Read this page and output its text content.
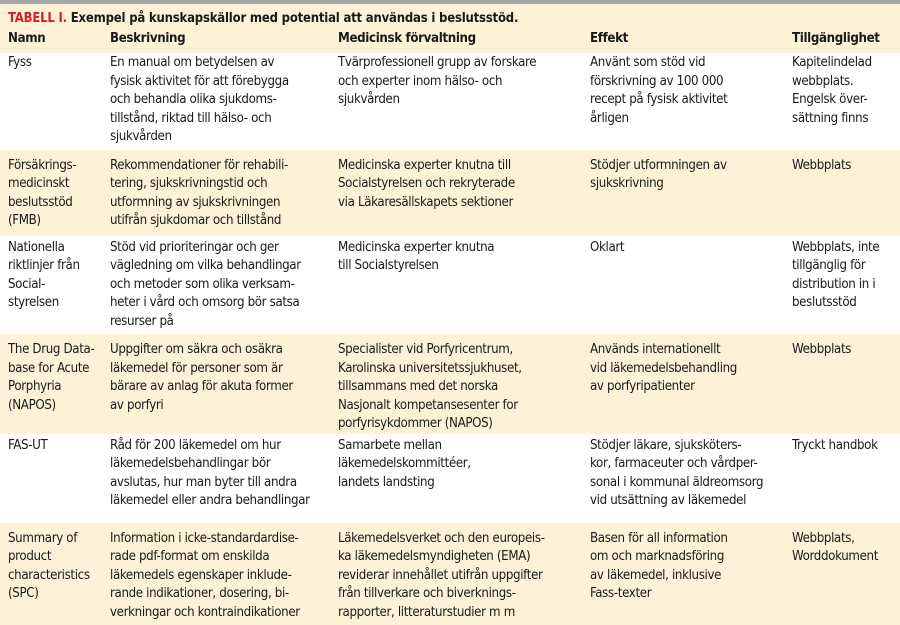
TABELL I. Exempel på kunskapskällor med potential att användas i beslutsstöd.
Namn	Beskrivning	Medicinsk förvaltning	Effekt	Tillgänglighet

Fyss	En manual om betydelsen av
fysisk aktivitet för att förebygga
och behandla olika sjukdoms-
tillstånd, riktad till hälso- och
sjukvården	Tvärprofessionell grupp av forskare
och experter inom hälso- och
sjukvården	Använt som stöd vid
förskrivning av 100 000
recept på fysisk aktivitet
årligen	Kapitelindelad
webbplats.
Engelsk över-
sättning finns

Försäkrings-
medicinskt
beslutsstöd
(FMB)	Rekommendationer för rehabili-
tering, sjukskrivningstid och
utformning av sjukskrivningen
utifrån sjukdomar och tillstånd	Medicinska experter knutna till
Socialstyrelsen och rekryterade
via Läkaresällskapets sektioner	Stödjer utformningen av
sjukskrivning	Webbplats

Nationella
riktlinjer från
Social-
styrelsen	Stöd vid prioriteringar och ger
vägledning om vilka behandlingar
och metoder som olika verksam-
heter i vård och omsorg bör satsa
resurser på	Medicinska experter knutna
till Socialstyrelsen	Oklart	Webbplats, inte
tillgänglig för
distribution in i
beslutsstöd

The Drug Data-
base for Acute
Porphyria
(NAPOS)	Uppgifter om säkra och osäkra
läkemedel för personer som är
bärare av anlag för akuta former
av porfyri	Specialister vid Porfyricentrum,
Karolinska universitetssjukhuset,
tillsammans med det norska
Nasjonalt kompetansesenter for
porfyrisykdommer (NAPOS)	Används internationellt
vid läkemedelsbehandling
av porfyripatienter	Webbplats

FAS-UT	Råd för 200 läkemedel om hur
läkemedelsbehandlingar bör
avslutas, hur man byter till andra
läkemedel eller andra behandlingar	Samarbete mellan
läkemedelskommittéer,
landets landsting	Stödjer läkare, sjuksköters-
kor, farmaceuter och vårdper-
sonal i kommunal äldreomsorg
vid utsättning av läkemedel	Tryckt handbok

Summary of
product
characteristics
(SPC)	Information i icke-standardardise-
rade pdf-format om enskilda
läkemedels egenskaper inklude-
rande indikationer, dosering, bi-
verkningar och kontraindikationer	Läkemedelsverket och den europeis-
ka läkemedelsmyndigheten (EMA)
reviderar innehållet utifrån uppgifter
från tillverkare och biverknings-
rapporter, litteraturstudier m m	Basen för all information
om och marknadsföring
av läkemedel, inklusive
Fass-texter	Webbplats,
Worddokument
